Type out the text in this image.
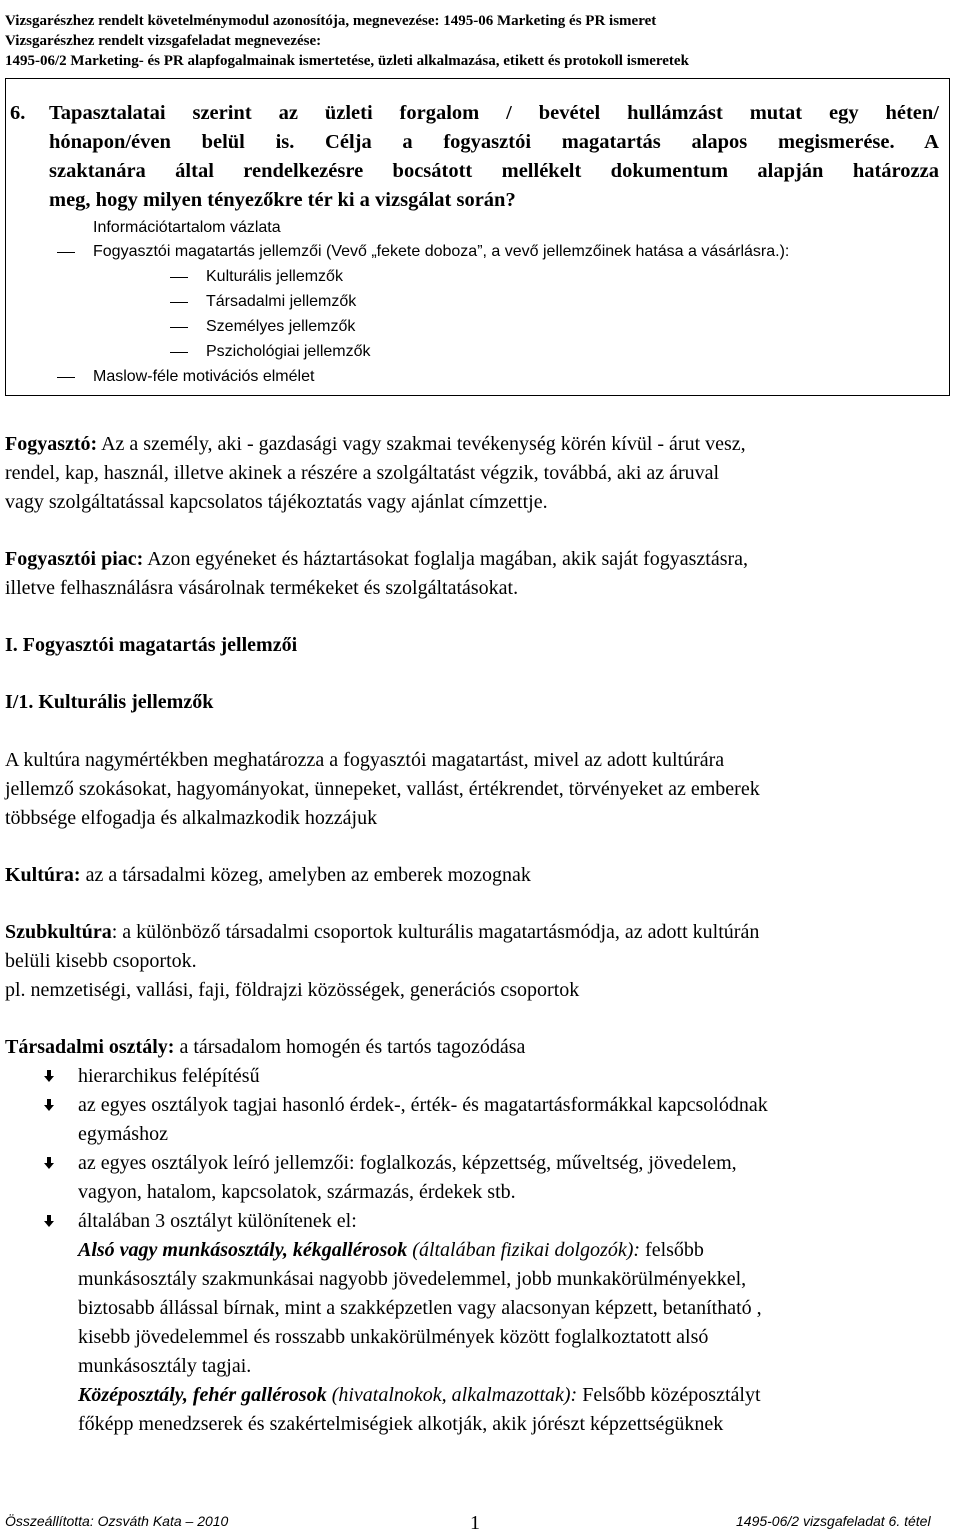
Vizsgarészhez rendelt követelménymodul azonosítója, megnevezése: 1495-06 Marketing és PR ismeret
Vizsgarészhez rendelt vizsgafeladat megnevezése:
1495-06/2 Marketing- és PR alapfogalmainak ismertetése, üzleti alkalmazása, etikett és protokoll ismeretek
6.	Tapasztalatai szerint az üzleti forgalom / bevétel hullámzást mutat egy héten/
hónapon/éven belül is. Célja a fogyasztói magatartás alapos megismerése. A
szaktanára által rendelkezésre bocsátott mellékelt dokumentum alapján határozza
meg, hogy milyen tényezőkre tér ki a vizsgálat során?
Információtartalom vázlata
Fogyasztói magatartás jellemzői (Vevő „fekete doboza”, a vevő jellemzőinek hatása a vásárlásra.):
Kulturális jellemzők
Társadalmi jellemzők
Személyes jellemzők
Pszichológiai jellemzők
Maslow-féle motivációs elmélet
Fogyasztó: Az a személy, aki - gazdasági vagy szakmai tevékenység körén kívül - árut vesz,
rendel, kap, használ, illetve akinek a részére a szolgáltatást végzik, továbbá, aki az áruval
vagy szolgáltatással kapcsolatos tájékoztatás vagy ajánlat címzettje.
Fogyasztói piac: Azon egyéneket és háztartásokat foglalja magában, akik saját fogyasztásra,
illetve felhasználásra vásárolnak termékeket és szolgáltatásokat.
I. Fogyasztói magatartás jellemzői
I/1. Kulturális jellemzők
A kultúra nagymértékben meghatározza a fogyasztói magatartást, mivel az adott kultúrára
jellemző szokásokat, hagyományokat, ünnepeket, vallást, értékrendet, törvényeket az emberek
többsége elfogadja és alkalmazkodik hozzájuk
Kultúra: az a társadalmi közeg, amelyben az emberek mozognak
Szubkultúra: a különböző társadalmi csoportok kulturális magatartásmódja, az adott kultúrán
belüli kisebb csoportok.
pl. nemzetiségi, vallási, faji, földrajzi közösségek, generációs csoportok
Társadalmi osztály: a társadalom homogén és tartós tagozódása
hierarchikus felépítésű
az egyes osztályok tagjai hasonló érdek-, érték- és magatartásformákkal kapcsolódnak
egymáshoz
az egyes osztályok leíró jellemzői: foglalkozás, képzettség, műveltség, jövedelem,
vagyon, hatalom, kapcsolatok, származás, érdekek stb.
általában 3 osztályt különítenek el:
Alsó vagy munkásosztály, kékgallérosok (általában fizikai dolgozók): felsőbb
munkásosztály szakmunkásai nagyobb jövedelemmel, jobb munkakörülményekkel,
biztosabb állással bírnak, mint a szakképzetlen vagy alacsonyan képzett, betanítható ,
kisebb jövedelemmel és rosszabb unkakörülmények között foglalkoztatott alsó
munkásosztály tagjai.
Középosztály, fehér gallérosok (hivatalnokok, alkalmazottak): Felsőbb középosztályt
főképp menedzserek és szakértelmiségiek alkotják, akik jórészt képzettségüknek
Összeállította: Ozsváth Kata – 2010	1	1495-06/2 vizsgafeladat 6. tétel
